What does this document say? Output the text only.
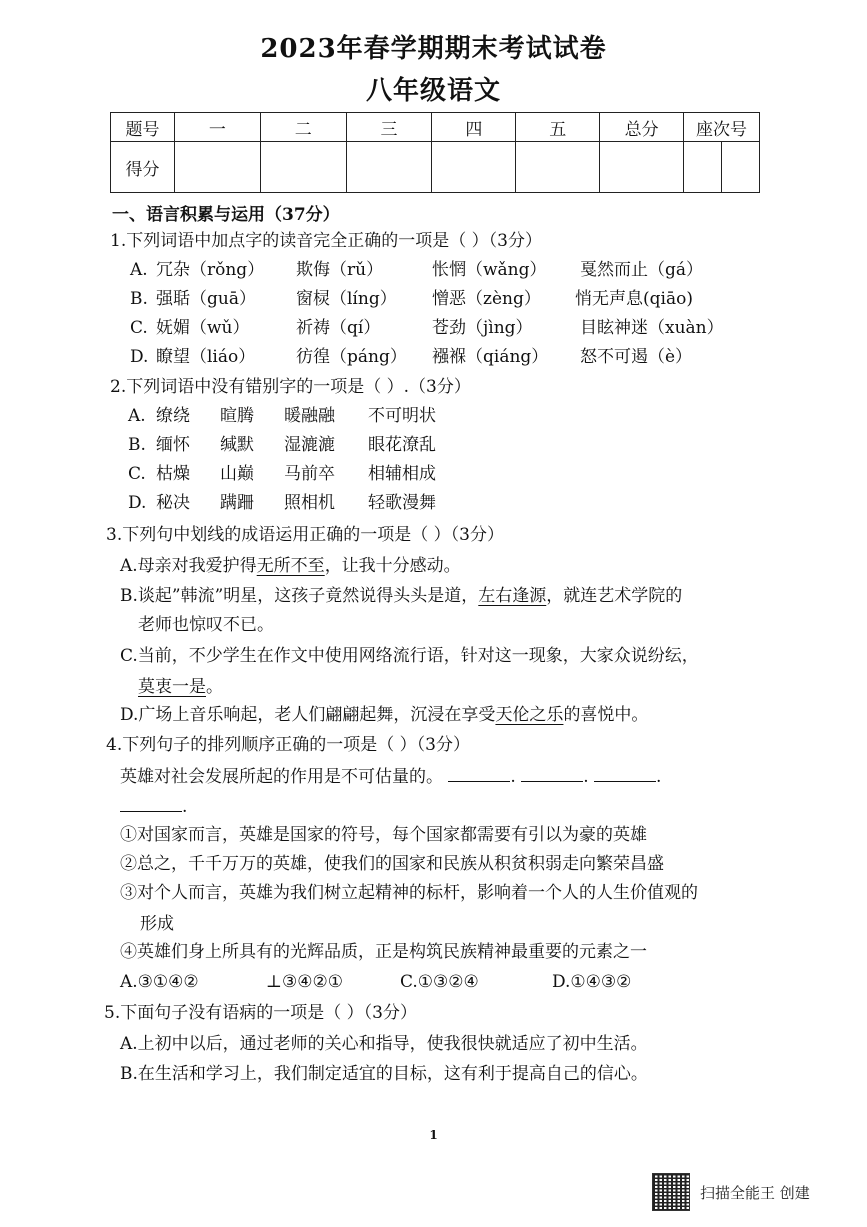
2023年春学期期末考试试卷
八年级语文
题号	一	二	三	四	五	总分	座次号	
得分								
一、语言积累与运用（37分）
1.下列词语中加点字的读音完全正确的一项是（ ）（3分）
A. 冗杂（rǒng） 欺侮（rǔ）	怅惘（wǎng） 戛然而止（gá）
B. 强聒（guā） 窗棂（líng） 憎恶（zèng） 悄无声息(qiāo)
C. 妩媚（wǔ）	祈祷（qí）	苍劲（jìng）	目眩神迷（xuàn）
D. 瞭望（liáo） 彷徨（páng） 襁褓（qiáng） 怒不可遏（è）
2.下列词语中没有错别字的一项是（ ）.（3分）
A. 缭绕 暄腾 暖融融 不可明状
B. 缅怀 缄默 湿漉漉 眼花潦乱
C. 枯燥 山巅 马前卒 相辅相成
D. 秘决 蹒跚 照相机 轻歌漫舞
3.下列句中划线的成语运用正确的一项是（ ）（3分）
A.母亲对我爱护得无所不至，让我十分感动。
B.谈起”韩流”明星，这孩子竟然说得头头是道，左右逢源，就连艺术学院的
老师也惊叹不已。
C.当前，不少学生在作文中使用网络流行语，针对这一现象，大家众说纷纭，
莫衷一是。
D.广场上音乐响起，老人们翩翩起舞，沉浸在享受天伦之乐的喜悦中。
4.下列句子的排列顺序正确的一项是（ ）（3分）
英雄对社会发展所起的作用是不可估量的。	.	.	.
.
①对国家而言，英雄是国家的符号，每个国家都需要有引以为豪的英雄
②总之，千千万万的英雄，使我们的国家和民族从积贫积弱走向繁荣昌盛
③对个人而言，英雄为我们树立起精神的标杆，影响着一个人的人生价值观的
形成
④英雄们身上所具有的光辉品质，正是构筑民族精神最重要的元素之一
A.③①④②	⊥③④②①	C.①③②④	D.①④③②
5.下面句子没有语病的一项是（ ）（3分）
A.上初中以后，通过老师的关心和指导，使我很快就适应了初中生活。
B.在生活和学习上，我们制定适宜的目标，这有利于提高自己的信心。
1
扫描全能王 创建
